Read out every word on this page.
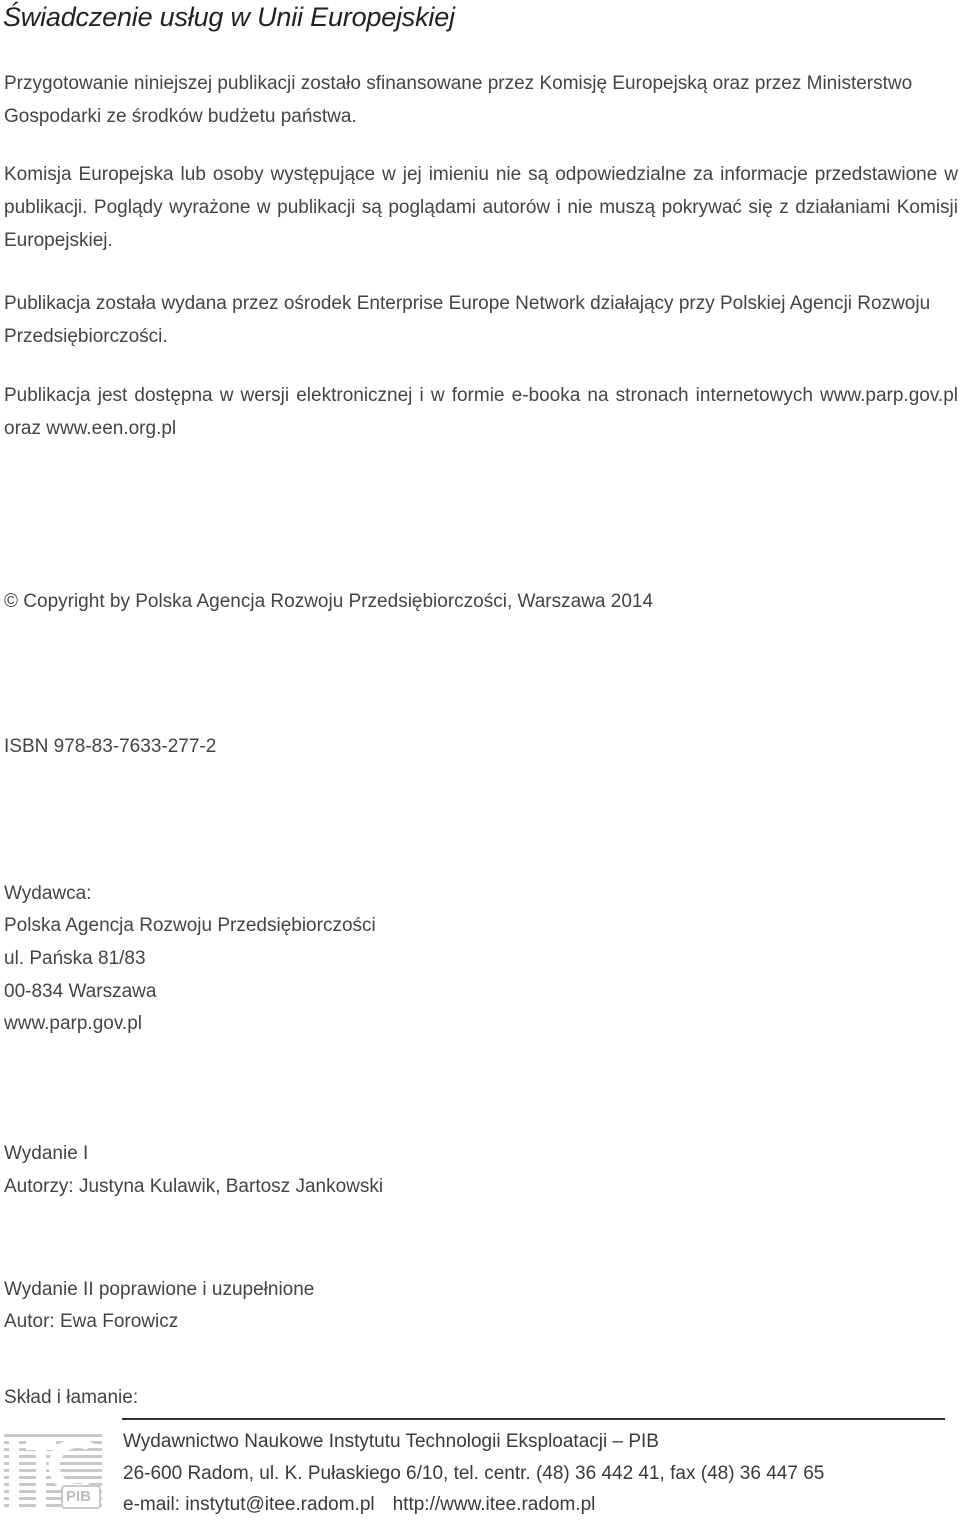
Świadczenie usług w Unii Europejskiej
Przygotowanie niniejszej publikacji zostało sfinansowane przez Komisję Europejską oraz przez Ministerstwo Gospodarki ze środków budżetu państwa.
Komisja Europejska lub osoby występujące w jej imieniu nie są odpowiedzialne za informacje przedstawione w publikacji. Poglądy wyrażone w publikacji są poglądami autorów i nie muszą pokrywać się z działaniami Komisji Europejskiej.
Publikacja została wydana przez ośrodek Enterprise Europe Network działający przy Polskiej Agencji Rozwoju Przedsiębiorczości.
Publikacja jest dostępna w wersji elektronicznej i w formie e-booka na stronach internetowych www.parp.gov.pl oraz www.een.org.pl
© Copyright by Polska Agencja Rozwoju Przedsiębiorczości, Warszawa 2014
ISBN 978-83-7633-277-2
Wydawca:
Polska Agencja Rozwoju Przedsiębiorczości
ul. Pańska 81/83
00-834 Warszawa
www.parp.gov.pl
Wydanie I
Autorzy: Justyna Kulawik, Bartosz Jankowski
Wydanie II poprawione i uzupełnione
Autor: Ewa Forowicz
Skład i łamanie:
PIB
Wydawnictwo Naukowe Instytutu Technologii Eksploatacji – PIB
26-600 Radom, ul. K. Pułaskiego 6/10, tel. centr. (48) 36 442 41, fax (48) 36 447 65
e-mail: instytut@itee.radom.pl http://www.itee.radom.pl
